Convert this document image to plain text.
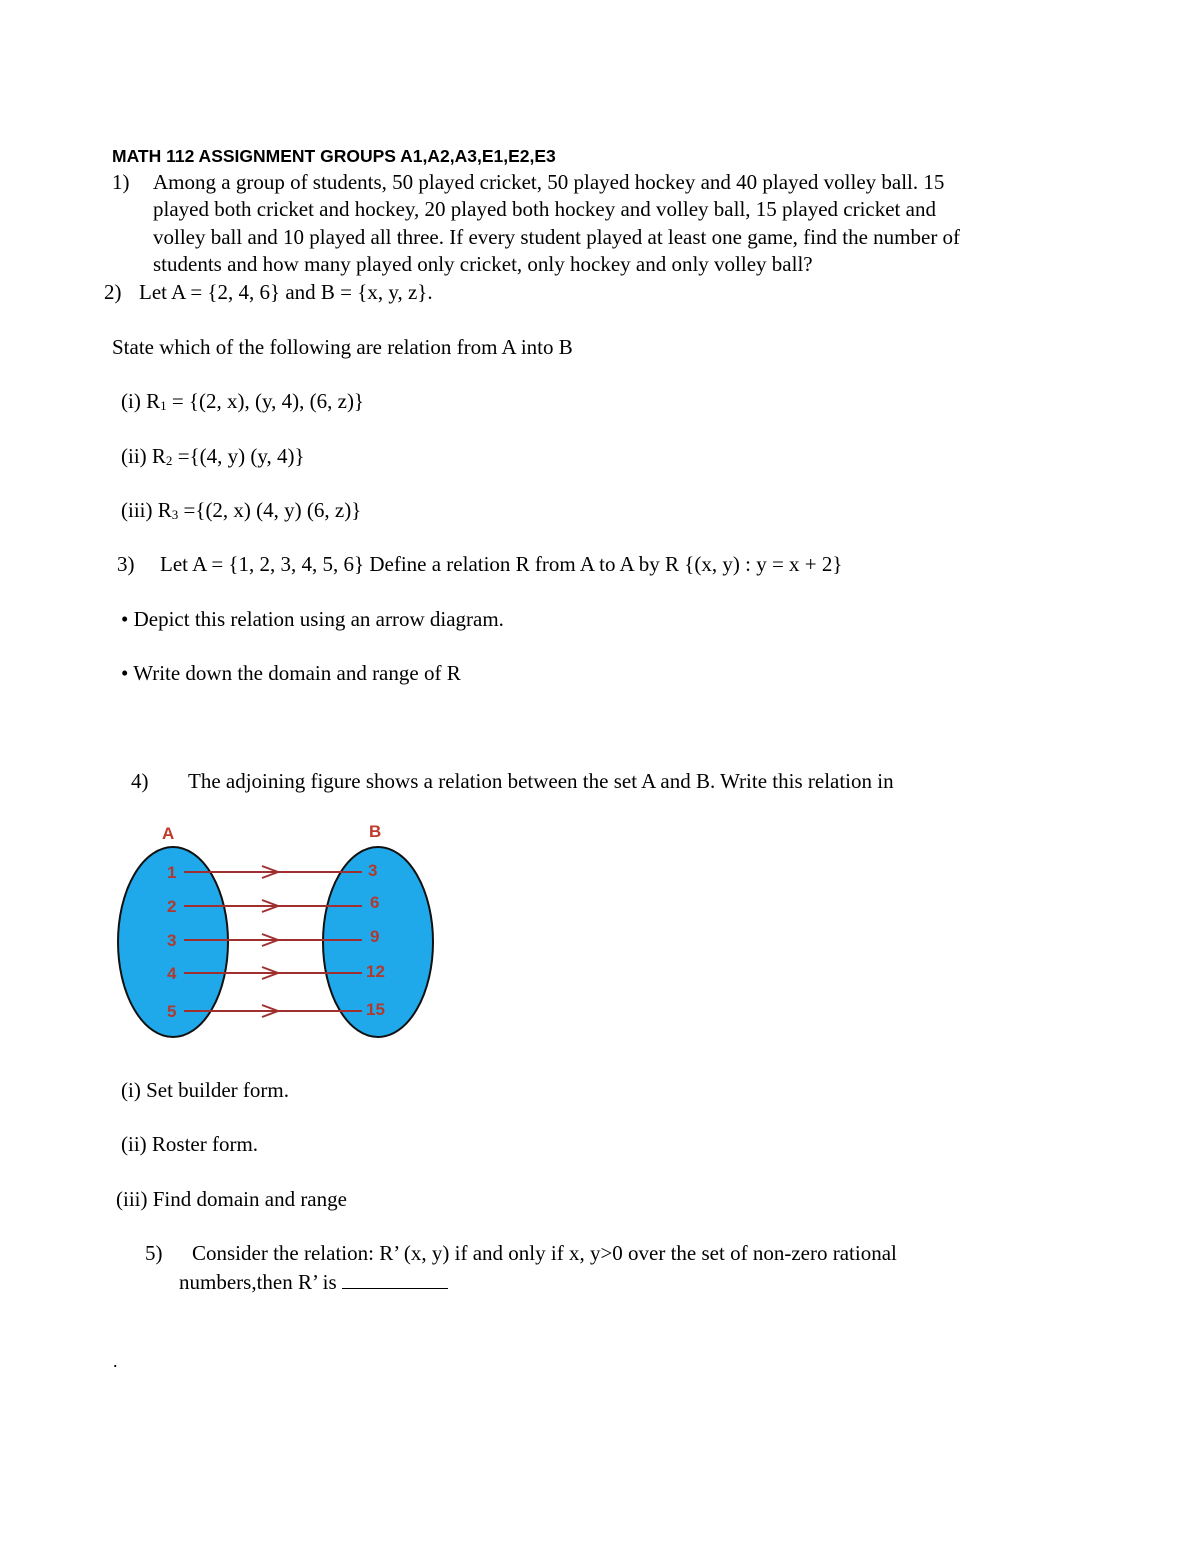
MATH 112 ASSIGNMENT GROUPS A1,A2,A3,E1,E2,E3
1) Among a group of students, 50 played cricket, 50 played hockey and 40 played volley ball. 15
played both cricket and hockey, 20 played both hockey and volley ball, 15 played cricket and
volley ball and 10 played all three. If every student played at least one game, find the number of
students and how many played only cricket, only hockey and only volley ball?
2) Let A = {2, 4, 6} and B = {x, y, z}.
State which of the following are relation from A into B
(i) $R_1 = \{(2$, x), (y, 4), (6, z)}
(ii) $R_2 =\{(4$, y) (y, 4)}
(iii) $R_3 =\{(2$, x) (4, y) (6, z)}
3) Let A = {1, 2, 3, 4, 5, 6} Define a relation R from A to A by R {(x, y) : y = x + 2}
• Depict this relation using an arrow diagram.
• Write down the domain and range of R
4) The adjoining figure shows a relation between the set A and B. Write this relation in
A	B
1
2
3
4
5
3
6
9
12
15
(i) Set builder form.
(ii) Roster form.
(iii) Find domain and range
5) Consider the relation: R’ (x, y) if and only if x, y>0 over the set of non-zero rational
numbers,then R’ is
.
